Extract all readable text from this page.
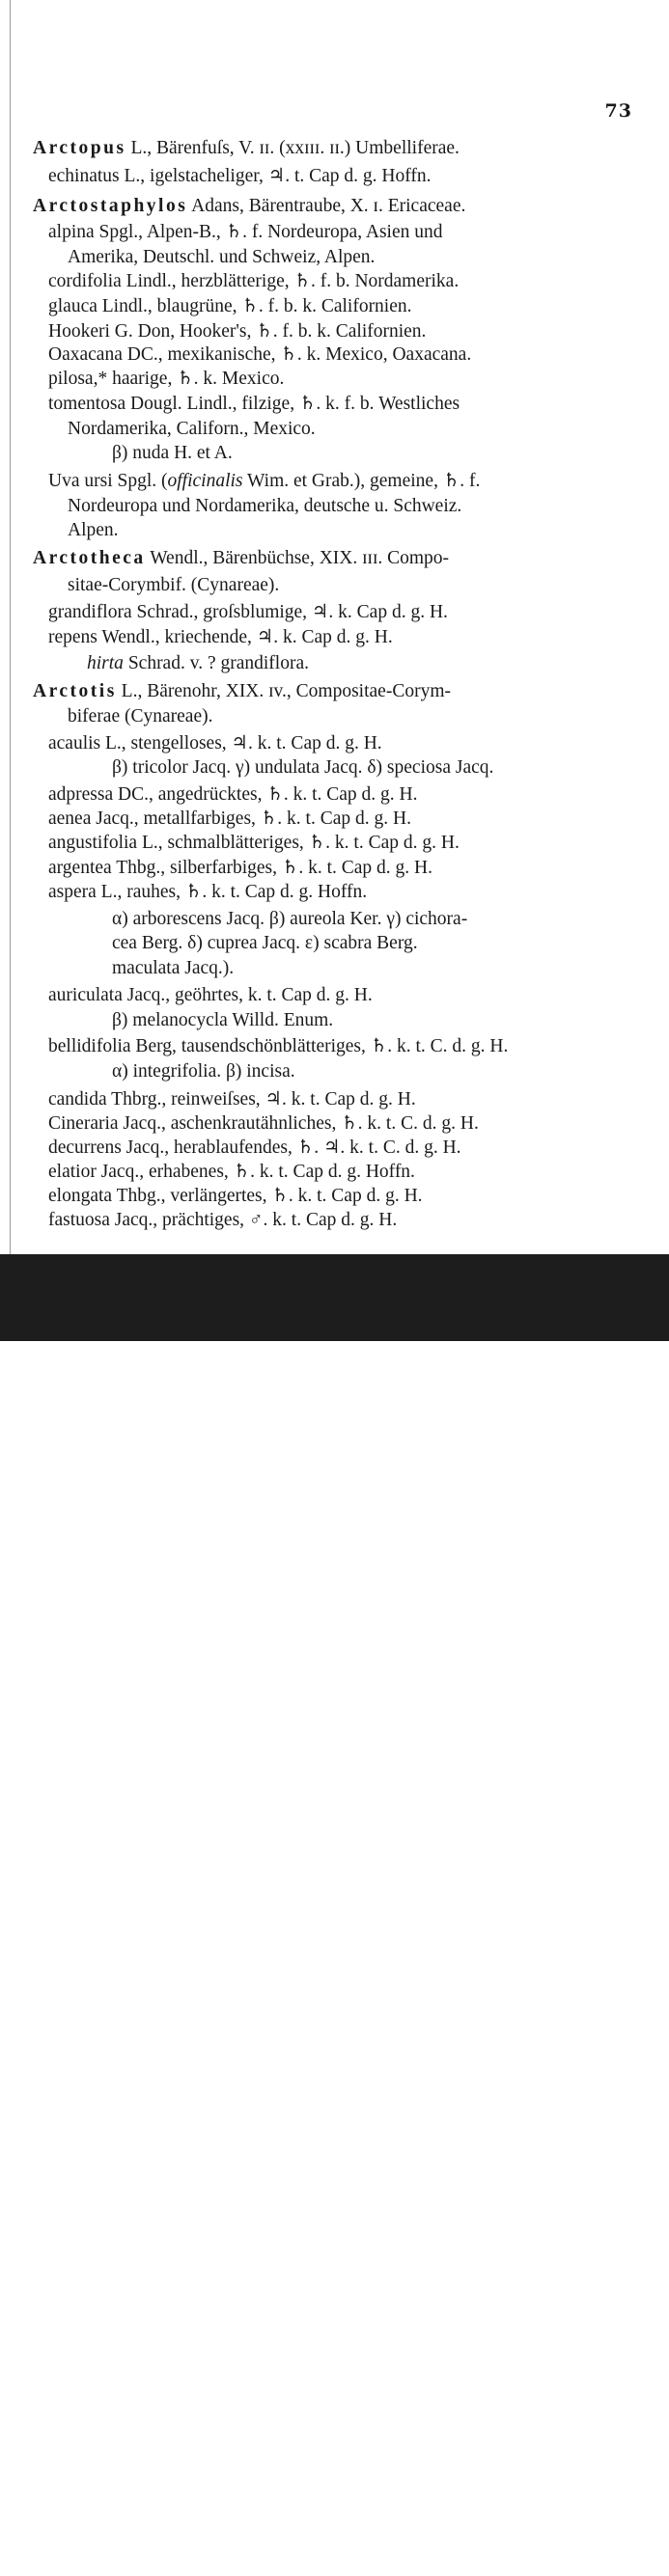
73
Arctopus L., Bärenfuſs, V. ɪɪ. (xxɪɪɪ. ɪɪ.) Umbelliferae.
echinatus L., igelstacheliger, ♃. t. Cap d. g. Hoffn.
Arctostaphylos Adans, Bärentraube, X. ɪ. Ericaceae.
alpina Spgl., Alpen-B., ♄. f. Nordeuropa, Asien und
Amerika, Deutschl. und Schweiz, Alpen.
cordifolia Lindl., herzblätterige, ♄. f. b. Nordamerika.
glauca Lindl., blaugrüne, ♄. f. b. k. Californien.
Hookeri G. Don, Hooker's, ♄. f. b. k. Californien.
Oaxacana DC., mexikanische, ♄. k. Mexico, Oaxacana.
pilosa,* haarige, ♄. k. Mexico.
tomentosa Dougl. Lindl., filzige, ♄. k. f. b. Westliches
Nordamerika, Californ., Mexico.
β) nuda H. et A.
Uva ursi Spgl. (officinalis Wim. et Grab.), gemeine, ♄. f.
Nordeuropa und Nordamerika, deutsche u. Schweiz.
Alpen.
Arctotheca Wendl., Bärenbüchse, XIX. ɪɪɪ. Compo-
sitae-Corymbif. (Cynareae).
grandiflora Schrad., groſsblumige, ♃. k. Cap d. g. H.
repens Wendl., kriechende, ♃. k. Cap d. g. H.
hirta Schrad. v. ? grandiflora.
Arctotis L., Bärenohr, XIX. ɪv., Compositae-Corym-
biferae (Cynareae).
acaulis L., stengelloses, ♃. k. t. Cap d. g. H.
β) tricolor Jacq. γ) undulata Jacq. δ) speciosa Jacq.
adpressa DC., angedrücktes, ♄. k. t. Cap d. g. H.
aenea Jacq., metallfarbiges, ♄. k. t. Cap d. g. H.
angustifolia L., schmalblätteriges, ♄. k. t. Cap d. g. H.
argentea Thbg., silberfarbiges, ♄. k. t. Cap d. g. H.
aspera L., rauhes, ♄. k. t. Cap d. g. Hoffn.
α) arborescens Jacq. β) aureola Ker. γ) cichora-
cea Berg. δ) cuprea Jacq. ε) scabra Berg.
maculata Jacq.).
auriculata Jacq., geöhrtes, k. t. Cap d. g. H.
β) melanocycla Willd. Enum.
bellidifolia Berg, tausendschönblätteriges, ♄. k. t. C. d. g. H.
α) integrifolia. β) incisa.
candida Thbrg., reinweiſses, ♃. k. t. Cap d. g. H.
Cineraria Jacq., aschenkrautähnliches, ♄. k. t. C. d. g. H.
decurrens Jacq., herablaufendes, ♄. ♃. k. t. C. d. g. H.
elatior Jacq., erhabenes, ♄. k. t. Cap d. g. Hoffn.
elongata Thbg., verlängertes, ♄. k. t. Cap d. g. H.
fastuosa Jacq., prächtiges, ♂. k. t. Cap d. g. H.
alamy	J955KM
www.alamy.com
